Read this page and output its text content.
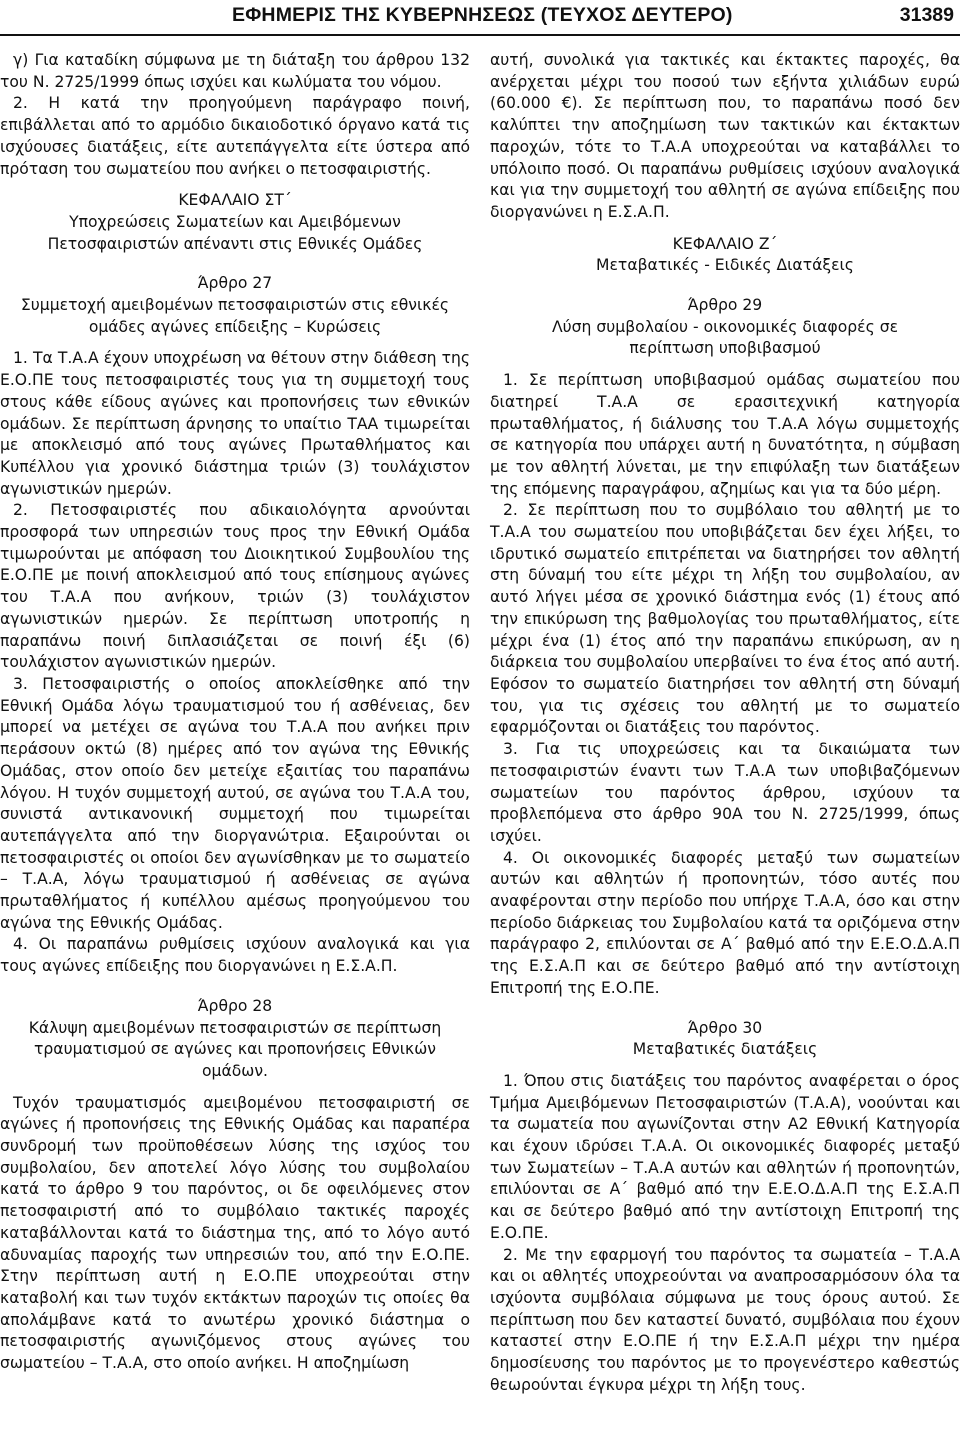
ΕΦΗΜΕΡΙΣ ΤΗΣ ΚΥΒΕΡΝΗΣΕΩΣ (ΤΕΥΧΟΣ ΔΕΥΤΕΡΟ)	31389

γ) Για καταδίκη σύμφωνα με τη διάταξη του άρθρου 132 του Ν. 2725/1999 όπως ισχύει και κωλύματα του νόμου.

2. Η κατά την προηγούμενη παράγραφο ποινή, επιβάλλεται από το αρμόδιο δικαιοδοτικό όργανο κατά τις ισχύουσες διατάξεις, είτε αυτεπάγγελτα είτε ύστερα από πρόταση του σωματείου που ανήκει ο πετοσφαιριστής.

ΚΕΦΑΛΑΙΟ ΣΤ΄

Υποχρεώσεις Σωματείων και Αμειβόμενων Πετοσφαιριστών απέναντι στις Εθνικές Ομάδες

Άρθρο 27

Συμμετοχή αμειβομένων πετοσφαιριστών στις εθνικές ομάδες αγώνες επίδειξης – Κυρώσεις

1. Τα Τ.Α.Α έχουν υποχρέωση να θέτουν στην διάθεση της Ε.Ο.ΠΕ τους πετοσφαιριστές τους για τη συμμετοχή τους στους κάθε είδους αγώνες και προπονήσεις των εθνικών ομάδων. Σε περίπτωση άρνησης το υπαίτιο ΤΑΑ τιμωρείται με αποκλεισμό από τους αγώνες Πρωταθλήματος και Κυπέλλου για χρονικό διάστημα τριών (3) τουλάχιστον αγωνιστικών ημερών.

2. Πετοσφαιριστές που αδικαιολόγητα αρνούνται προσφορά των υπηρεσιών τους προς την Εθνική Ομάδα τιμωρούνται με απόφαση του Διοικητικού Συμβουλίου της Ε.Ο.ΠΕ με ποινή αποκλεισμού από τους επίσημους αγώνες του Τ.Α.Α που ανήκουν, τριών (3) τουλάχιστον αγωνιστικών ημερών. Σε περίπτωση υποτροπής η παραπάνω ποινή διπλασιάζεται σε ποινή έξι (6) τουλάχιστον αγωνιστικών ημερών.

3. Πετοσφαιριστής ο οποίος αποκλείσθηκε από την Εθνική Ομάδα λόγω τραυματισμού του ή ασθένειας, δεν μπορεί να μετέχει σε αγώνα του Τ.Α.Α που ανήκει πριν περάσουν οκτώ (8) ημέρες από τον αγώνα της Εθνικής Ομάδας, στον οποίο δεν μετείχε εξαιτίας του παραπάνω λόγου. Η τυχόν συμμετοχή αυτού, σε αγώνα του Τ.Α.Α του, συνιστά αντικανονική συμμετοχή που τιμωρείται αυτεπάγγελτα από την διοργανώτρια. Εξαιρούνται οι πετοσφαιριστές οι οποίοι δεν αγωνίσθηκαν με το σωματείο – Τ.Α.Α, λόγω τραυματισμού ή ασθένειας σε αγώνα πρωταθλήματος ή κυπέλλου αμέσως προηγούμενου του αγώνα της Εθνικής Ομάδας.

4. Οι παραπάνω ρυθμίσεις ισχύουν αναλογικά και για τους αγώνες επίδειξης που διοργανώνει η Ε.Σ.Α.Π.

Άρθρο 28

Κάλυψη αμειβομένων πετοσφαιριστών σε περίπτωση τραυματισμού σε αγώνες και προπονήσεις Εθνικών ομάδων.

Τυχόν τραυματισμός αμειβομένου πετοσφαιριστή σε αγώνες ή προπονήσεις της Εθνικής Ομάδας και παραπέρα συνδρομή των προϋποθέσεων λύσης της ισχύος του συμβολαίου, δεν αποτελεί λόγο λύσης του συμβολαίου κατά το άρθρο 9 του παρόντος, οι δε οφειλόμενες στον πετοσφαιριστή από το συμβόλαιο τακτικές παροχές καταβάλλονται κατά το διάστημα της, από το λόγο αυτό αδυναμίας παροχής των υπηρεσιών του, από την Ε.Ο.ΠΕ. Στην περίπτωση αυτή η Ε.Ο.ΠΕ υποχρεούται στην καταβολή και των τυχόν εκτάκτων παροχών τις οποίες θα απολάμβανε κατά το ανωτέρω χρονικό διάστημα ο πετοσφαιριστής αγωνιζόμενος στους αγώνες του σωματείου – Τ.Α.Α, στο οποίο ανήκει. Η αποζημίωση

αυτή, συνολικά για τακτικές και έκτακτες παροχές, θα ανέρχεται μέχρι του ποσού των εξήντα χιλιάδων ευρώ (60.000 €). Σε περίπτωση που, το παραπάνω ποσό δεν καλύπτει την αποζημίωση των τακτικών και έκτακτων παροχών, τότε το Τ.Α.Α υποχρεούται να καταβάλλει το υπόλοιπο ποσό. Οι παραπάνω ρυθμίσεις ισχύουν αναλογικά και για την συμμετοχή του αθλητή σε αγώνα επίδειξης που διοργανώνει η Ε.Σ.Α.Π.

ΚΕΦΑΛΑΙΟ Ζ΄

Μεταβατικές - Ειδικές Διατάξεις

Άρθρο 29

Λύση συμβολαίου - οικονομικές διαφορές σε περίπτωση υποβιβασμού

1. Σε περίπτωση υποβιβασμού ομάδας σωματείου που διατηρεί Τ.Α.Α σε ερασιτεχνική κατηγορία πρωταθλήματος, ή διάλυσης του Τ.Α.Α λόγω συμμετοχής σε κατηγορία που υπάρχει αυτή η δυνατότητα, η σύμβαση με τον αθλητή λύνεται, με την επιφύλαξη των διατάξεων της επόμενης παραγράφου, αζημίως και για τα δύο μέρη.

2. Σε περίπτωση που το συμβόλαιο του αθλητή με το Τ.Α.Α του σωματείου που υποβιβάζεται δεν έχει λήξει, το ιδρυτικό σωματείο επιτρέπεται να διατηρήσει τον αθλητή στη δύναμή του είτε μέχρι τη λήξη του συμβολαίου, αν αυτό λήγει μέσα σε χρονικό διάστημα ενός (1) έτους από την επικύρωση της βαθμολογίας του πρωταθλήματος, είτε μέχρι ένα (1) έτος από την παραπάνω επικύρωση, αν η διάρκεια του συμβολαίου υπερβαίνει το ένα έτος από αυτή. Εφόσον το σωματείο διατηρήσει τον αθλητή στη δύναμή του, για τις σχέσεις του αθλητή με το σωματείο εφαρμόζονται οι διατάξεις του παρόντος.

3. Για τις υποχρεώσεις και τα δικαιώματα των πετοσφαιριστών έναντι των Τ.Α.Α των υποβιβαζόμενων σωματείων του παρόντος άρθρου, ισχύουν τα προβλεπόμενα στο άρθρο 90Α του Ν. 2725/1999, όπως ισχύει.

4. Οι οικονομικές διαφορές μεταξύ των σωματείων αυτών και αθλητών ή προπονητών, τόσο αυτές που αναφέρονται στην περίοδο που υπήρχε Τ.Α.Α, όσο και στην περίοδο διάρκειας του Συμβολαίου κατά τα οριζόμενα στην παράγραφο 2, επιλύονται σε Α΄ βαθμό από την Ε.Ε.Ο.Δ.Α.Π της Ε.Σ.Α.Π και σε δεύτερο βαθμό από την αντίστοιχη Επιτροπή της Ε.Ο.ΠΕ.

Άρθρο 30

Μεταβατικές διατάξεις

1. Όπου στις διατάξεις του παρόντος αναφέρεται ο όρος Τμήμα Αμειβόμενων Πετοσφαιριστών (Τ.Α.Α), νοούνται και τα σωματεία που αγωνίζονται στην Α2 Εθνική Κατηγορία και έχουν ιδρύσει Τ.Α.Α. Οι οικονομικές διαφορές μεταξύ των Σωματείων – Τ.Α.Α αυτών και αθλητών ή προπονητών, επιλύονται σε Α΄ βαθμό από την Ε.Ε.Ο.Δ.Α.Π της Ε.Σ.Α.Π και σε δεύτερο βαθμό από την αντίστοιχη Επιτροπή της Ε.Ο.ΠΕ.

2. Με την εφαρμογή του παρόντος τα σωματεία – Τ.Α.Α και οι αθλητές υποχρεούνται να αναπροσαρμόσουν όλα τα ισχύοντα συμβόλαια σύμφωνα με τους όρους αυτού. Σε περίπτωση που δεν καταστεί δυνατό, συμβόλαια που έχουν καταστεί στην Ε.Ο.ΠΕ ή την Ε.Σ.Α.Π μέχρι την ημέρα δημοσίευσης του παρόντος με το προγενέστερο καθεστώς θεωρούνται έγκυρα μέχρι τη λήξη τους.
